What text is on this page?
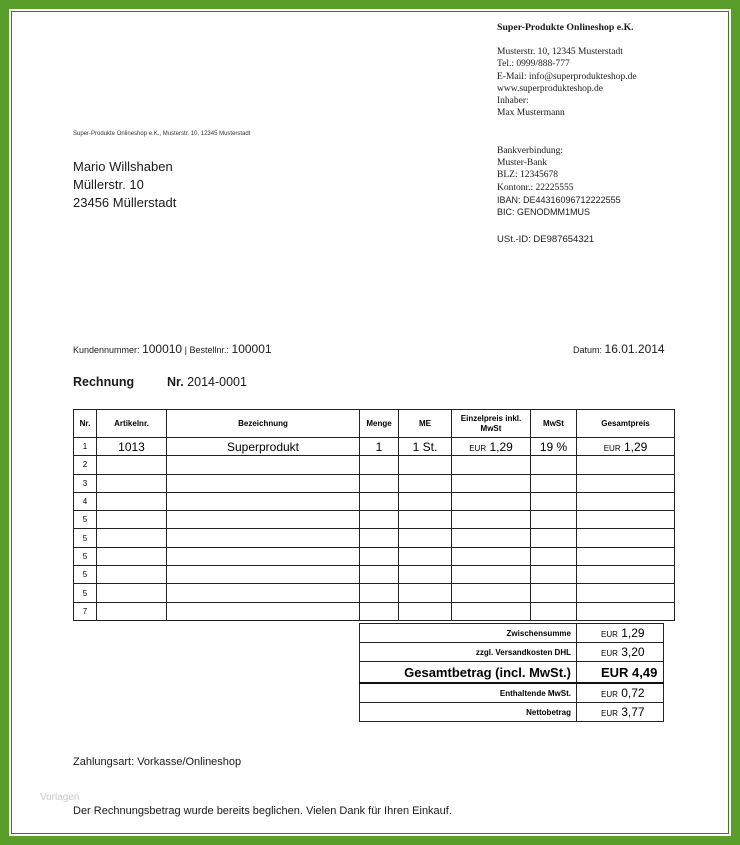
Super-Produkte Onlineshop e.K.
Musterstr. 10, 12345 Musterstadt
Tel.: 0999/888-777
E-Mail: info@superprodukteshop.de
www.superprodukteshop.de
Inhaber:
Max Mustermann
Bankverbindung:
Muster-Bank
BLZ: 12345678
Kontonr.: 22225555
IBAN: DE44316096712222555
BIC: GENODMM1MUS
USt.-ID: DE987654321
Super-Produkte Onlineshop e.K., Musterstr. 10, 12345 Musterstadt
Mario Willshaben
Müllerstr. 10
23456 Müllerstadt
Kundennummer: 100010 | Bestellnr.: 100001	Datum: 16.01.2014
Rechnung	Nr. 2014-0001
Nr.	Artikelnr.	Bezeichnung	Menge	ME	Einzelpreis inkl. MwSt	MwSt	Gesamtpreis
1	1013	Superprodukt	1	1 St.	EUR 1,29	19 %	EUR 1,29
2							
3							
4							
5							
5							
5							
5							
5							
7							
Zwischensumme	EUR 1,29
zzgl. Versandkosten DHL	EUR 3,20
Gesamtbetrag (incl. MwSt.)	EUR 4,49
Enthaltende MwSt.	EUR 0,72
Nettobetrag	EUR 3,77
Zahlungsart: Vorkasse/Onlineshop
Vorlagen
Der Rechnungsbetrag wurde bereits beglichen. Vielen Dank für Ihren Einkauf.
